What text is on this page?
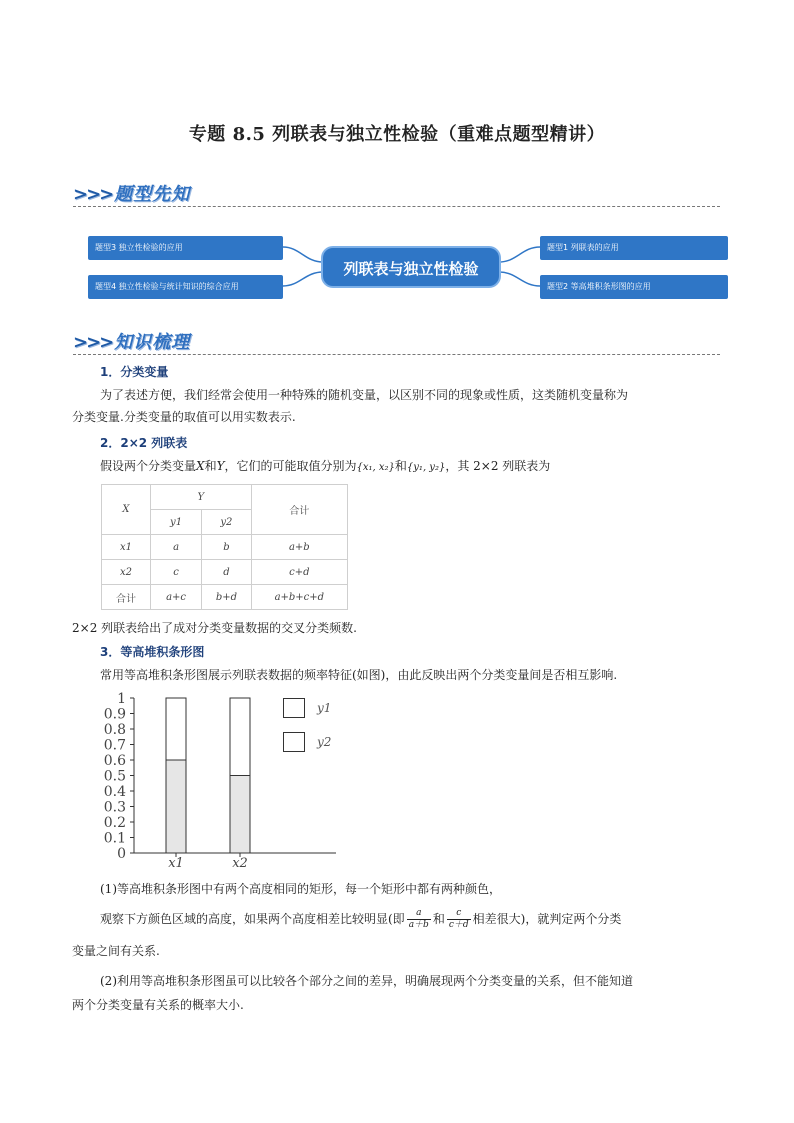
专题 8.5 列联表与独立性检验（重难点题型精讲）
>>> 题型先知
题型3 独立性检验的应用
题型4 独立性检验与统计知识的综合应用
题型1 列联表的应用
题型2 等高堆积条形图的应用
列联表与独立性检验
>>> 知识梳理
1．分类变量
为了表述方便，我们经常会使用一种特殊的随机变量，以区别不同的现象或性质，这类随机变量称为
分类变量.分类变量的取值可以用实数表示.
2．2×2 列联表
假设两个分类变量X和Y，它们的可能取值分别为{x₁, x₂}和{y₁, y₂}，其 2×2 列联表为
X	Y		合计
	y1	y2	
x1	a	b	a+b
x2	c	d	c+d
合计	a+c	b+d	a+b+c+d
2×2 列联表给出了成对分类变量数据的交叉分类频数.
3．等高堆积条形图
常用等高堆积条形图展示列联表数据的频率特征(如图)，由此反映出两个分类变量间是否相互影响.
0
0.1
0.2
0.3
0.4
0.5
0.6
0.7
0.8
0.9
1
x1	x2
y1
y2
(1)等高堆积条形图中有两个高度相同的矩形，每一个矩形中都有两种颜色，
观察下方颜色区域的高度，如果两个高度相差比较明显(即 $\frac{a}{a+b}$ 和 $\frac{c}{c+d}$ 相差很大)，就判定两个分类
变量之间有关系.
(2)利用等高堆积条形图虽可以比较各个部分之间的差异，明确展现两个分类变量的关系，但不能知道
两个分类变量有关系的概率大小.
